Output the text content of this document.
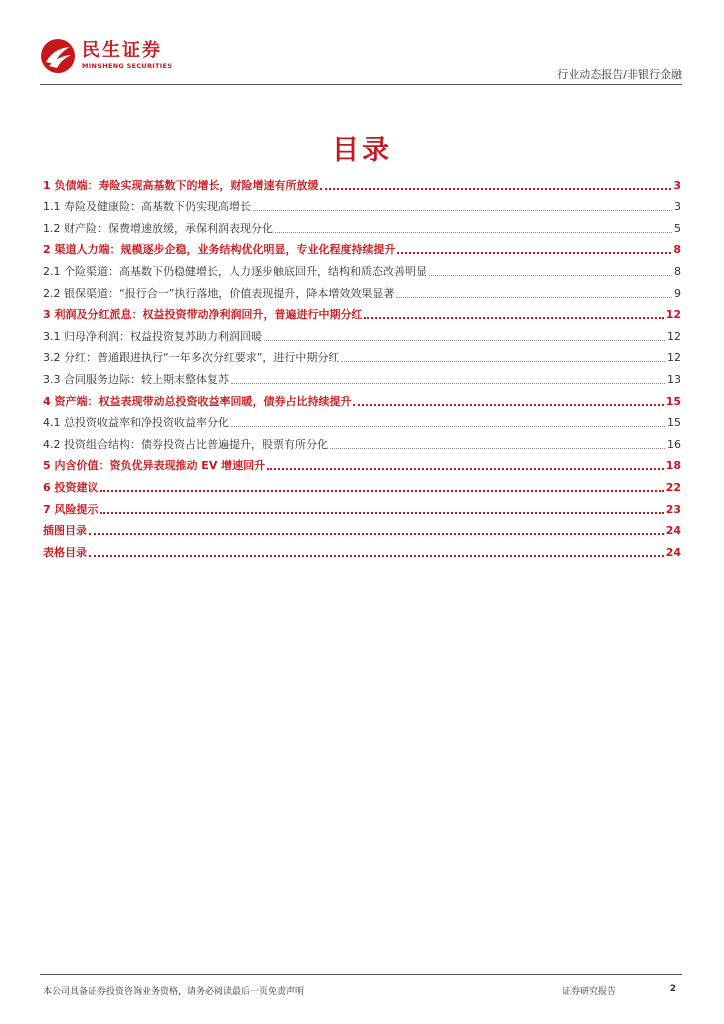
民生证券
MINSHENG SECURITIES
行业动态报告/非银行金融
目录
1 负债端：寿险实现高基数下的增长，财险增速有所放缓	3
1.1 寿险及健康险：高基数下仍实现高增长	3
1.2 财产险：保费增速放缓，承保利润表现分化	5
2 渠道人力端：规模逐步企稳，业务结构优化明显，专业化程度持续提升	8
2.1 个险渠道：高基数下仍稳健增长，人力逐步触底回升，结构和质态改善明显	8
2.2 银保渠道：“报行合一”执行落地，价值表现提升，降本增效效果显著	9
3 利润及分红派息：权益投资带动净利润回升，普遍进行中期分红	12
3.1 归母净利润：权益投资复苏助力利润回暖	12
3.2 分红：普通跟进执行“一年多次分红要求”，进行中期分红	12
3.3 合同服务边际：较上期末整体复苏	13
4 资产端：权益表现带动总投资收益率回暖，债券占比持续提升	15
4.1 总投资收益率和净投资收益率分化	15
4.2 投资组合结构：债券投资占比普遍提升，股票有所分化	16
5 内含价值：资负优异表现推动 EV 增速回升	18
6 投资建议	22
7 风险提示	23
插图目录	24
表格目录	24
本公司具备证券投资咨询业务资格，请务必阅读最后一页免责声明	证券研究报告	2
